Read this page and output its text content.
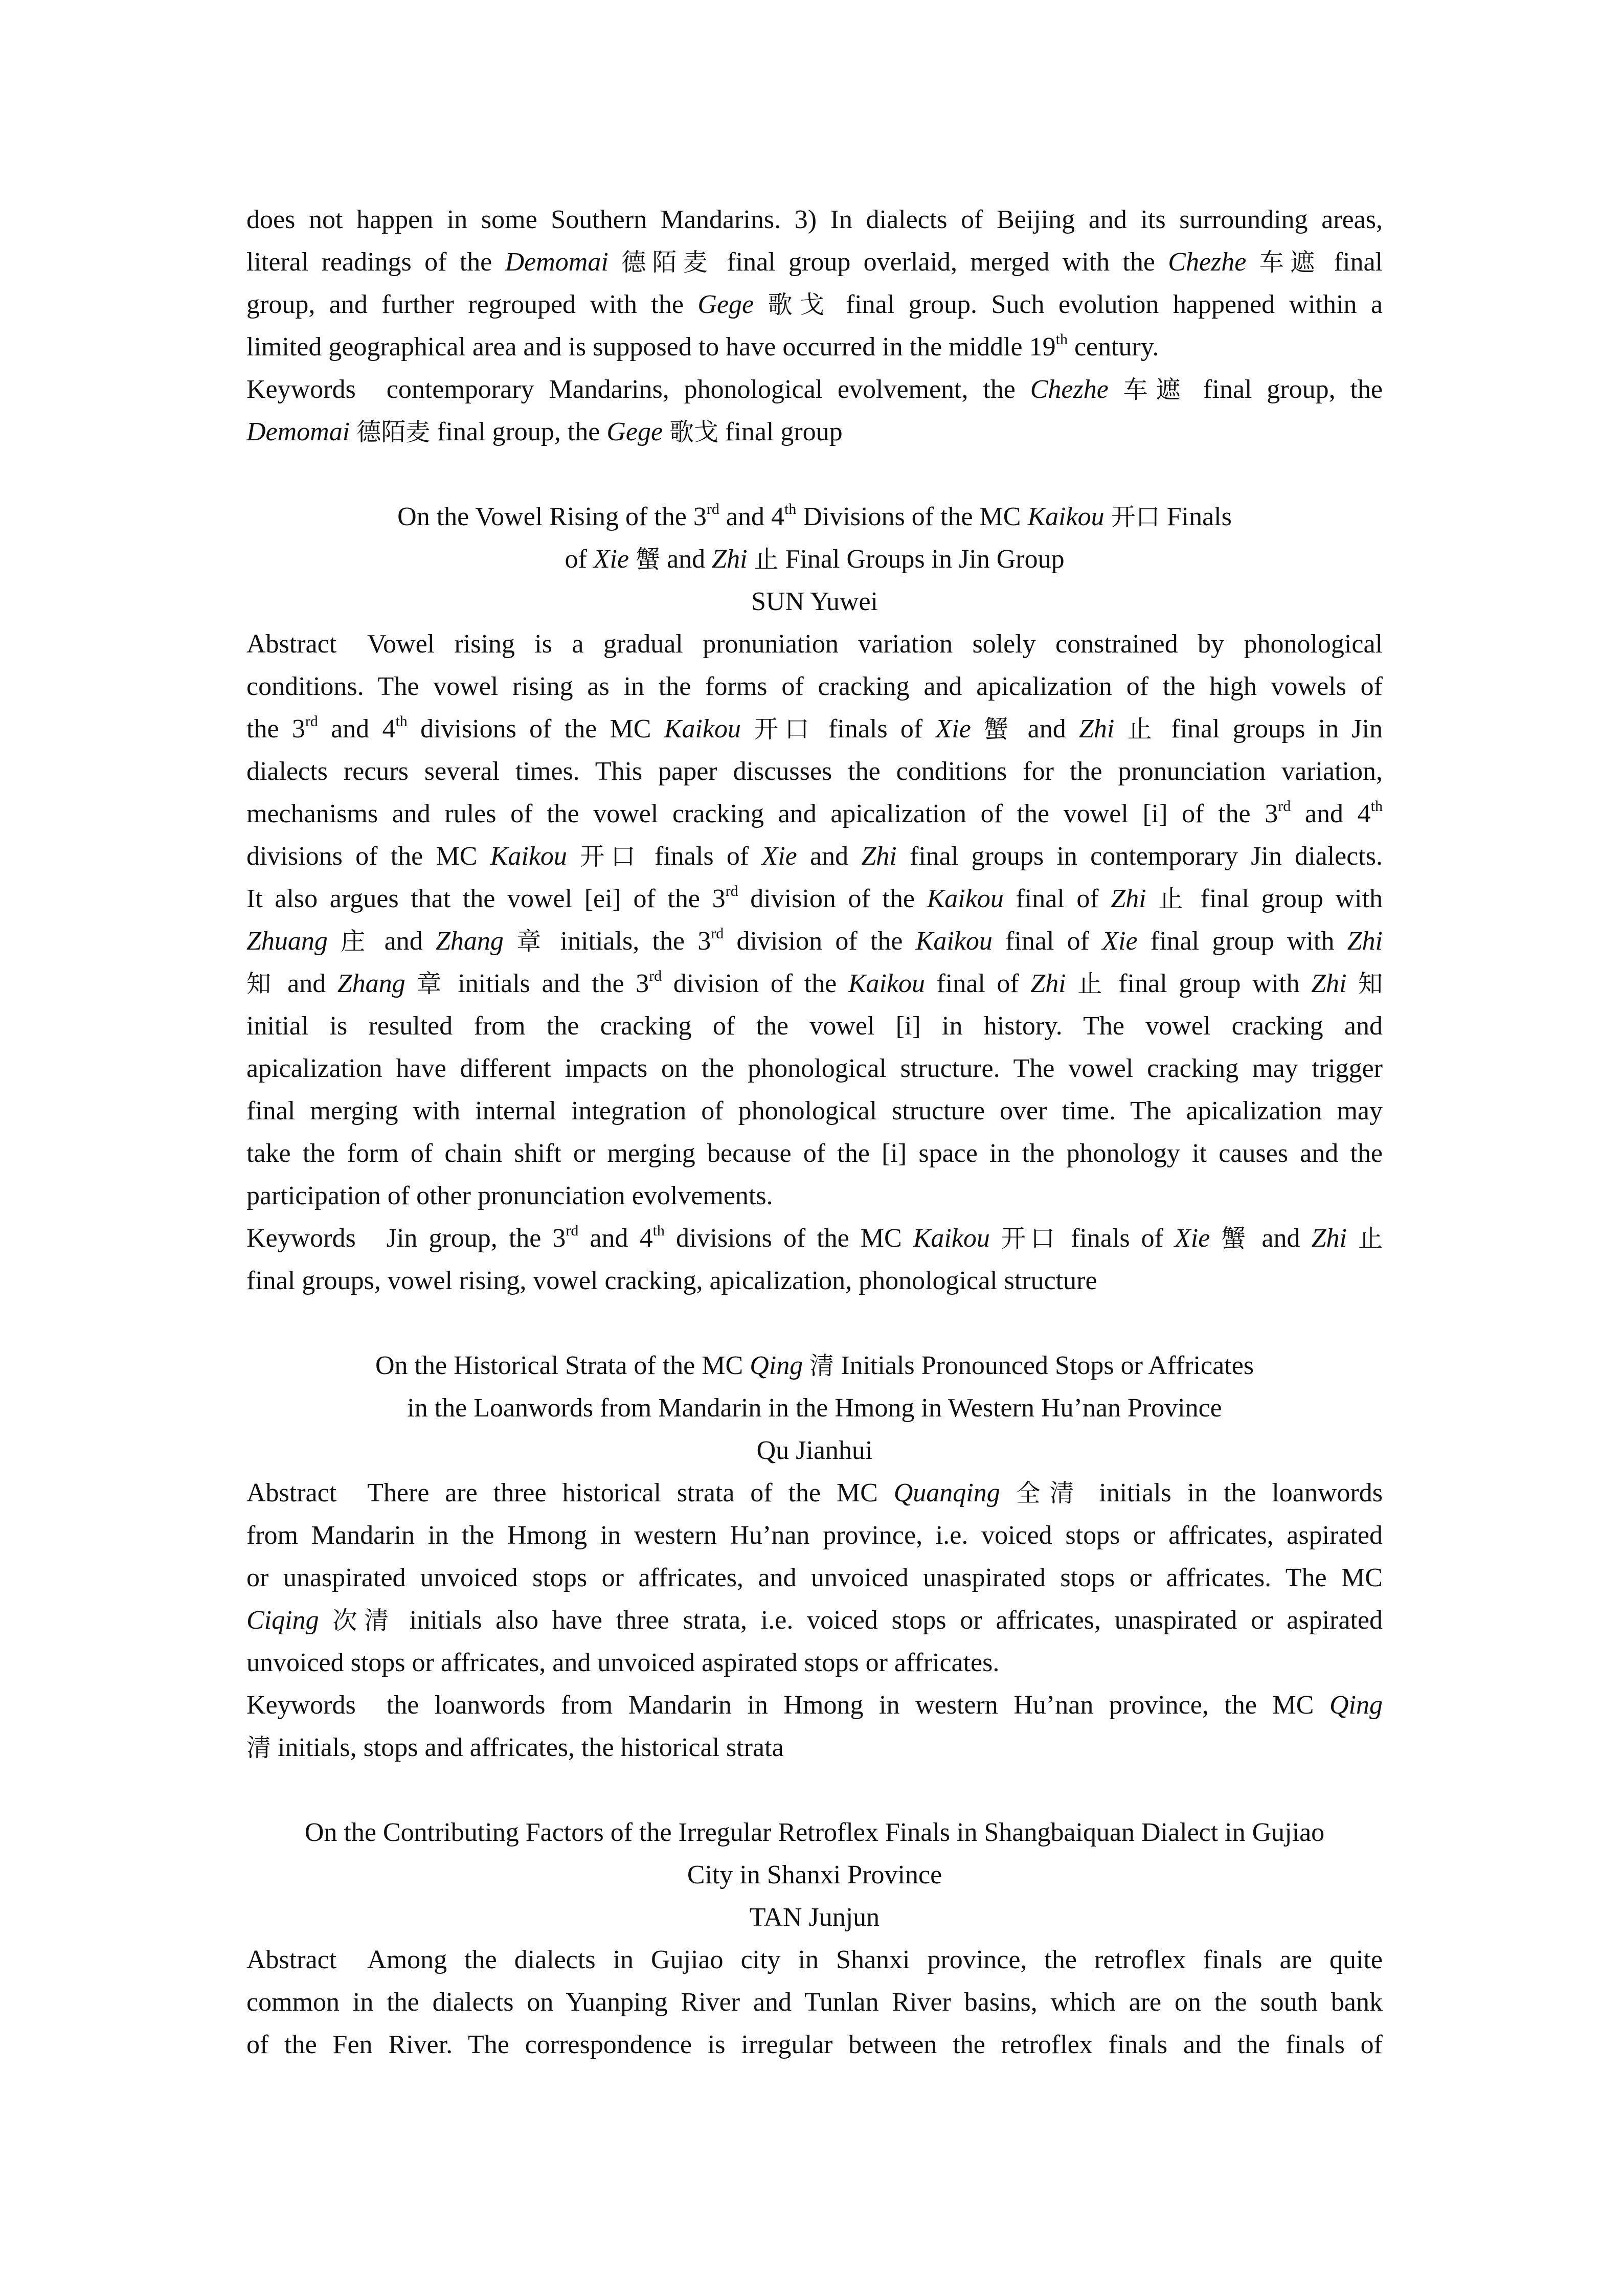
does not happen in some Southern Mandarins. 3) In dialects of Beijing and its surrounding areas,
literal readings of the Demomai 德陌麦 final group overlaid, merged with the Chezhe 车遮 final
group, and further regrouped with the Gege 歌戈 final group. Such evolution happened within a
limited geographical area and is supposed to have occurred in the middle 19th century.
Keywords contemporary Mandarins, phonological evolvement, the Chezhe 车遮 final group, the
Demomai 德陌麦 final group, the Gege 歌戈 final group
On the Vowel Rising of the 3rd and 4th Divisions of the MC Kaikou 开口 Finals
of Xie 蟹 and Zhi 止 Final Groups in Jin Group
SUN Yuwei
Abstract Vowel rising is a gradual pronuniation variation solely constrained by phonological
conditions. The vowel rising as in the forms of cracking and apicalization of the high vowels of
the 3rd and 4th divisions of the MC Kaikou 开口 finals of Xie 蟹 and Zhi 止 final groups in Jin
dialects recurs several times. This paper discusses the conditions for the pronunciation variation,
mechanisms and rules of the vowel cracking and apicalization of the vowel [i] of the 3rd and 4th
divisions of the MC Kaikou 开口 finals of Xie and Zhi final groups in contemporary Jin dialects.
It also argues that the vowel [ei] of the 3rd division of the Kaikou final of Zhi 止 final group with
Zhuang 庄 and Zhang 章 initials, the 3rd division of the Kaikou final of Xie final group with Zhi
知 and Zhang 章 initials and the 3rd division of the Kaikou final of Zhi 止 final group with Zhi 知
initial is resulted from the cracking of the vowel [i] in history. The vowel cracking and
apicalization have different impacts on the phonological structure. The vowel cracking may trigger
final merging with internal integration of phonological structure over time. The apicalization may
take the form of chain shift or merging because of the [i] space in the phonology it causes and the
participation of other pronunciation evolvements.
Keywords Jin group, the 3rd and 4th divisions of the MC Kaikou 开口 finals of Xie 蟹 and Zhi 止
final groups, vowel rising, vowel cracking, apicalization, phonological structure
On the Historical Strata of the MC Qing 清 Initials Pronounced Stops or Affricates
in the Loanwords from Mandarin in the Hmong in Western Hu’nan Province
Qu Jianhui
Abstract There are three historical strata of the MC Quanqing 全清 initials in the loanwords
from Mandarin in the Hmong in western Hu’nan province, i.e. voiced stops or affricates, aspirated
or unaspirated unvoiced stops or affricates, and unvoiced unaspirated stops or affricates. The MC
Ciqing 次清 initials also have three strata, i.e. voiced stops or affricates, unaspirated or aspirated
unvoiced stops or affricates, and unvoiced aspirated stops or affricates.
Keywords the loanwords from Mandarin in Hmong in western Hu’nan province, the MC Qing
清 initials, stops and affricates, the historical strata
On the Contributing Factors of the Irregular Retroflex Finals in Shangbaiquan Dialect in Gujiao
City in Shanxi Province
TAN Junjun
Abstract Among the dialects in Gujiao city in Shanxi province, the retroflex finals are quite
common in the dialects on Yuanping River and Tunlan River basins, which are on the south bank
of the Fen River. The correspondence is irregular between the retroflex finals and the finals of
